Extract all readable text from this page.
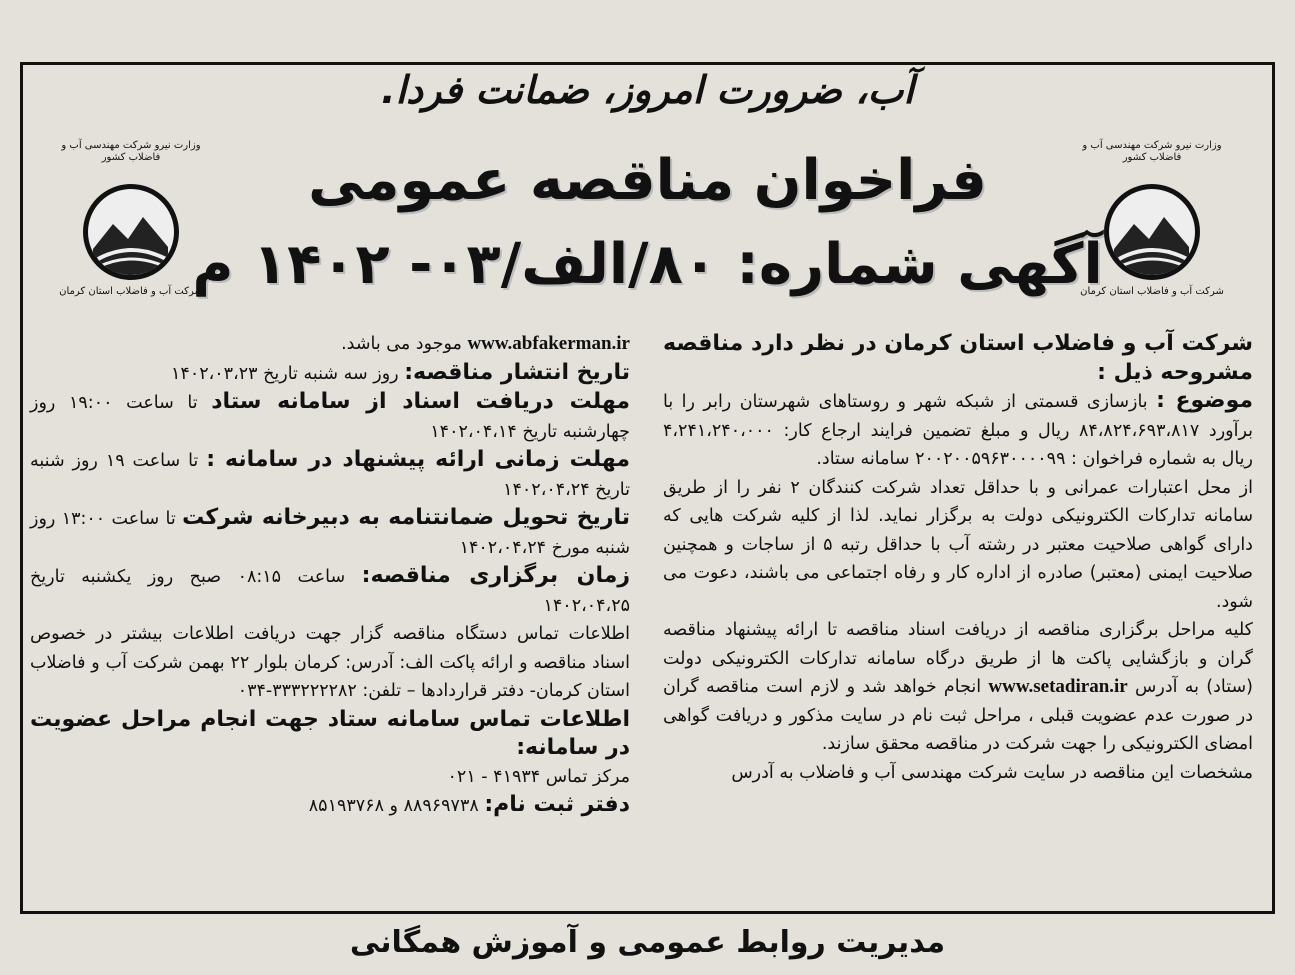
آب، ضرورت امروز، ضمانت فردا.
فراخوان مناقصه عمومی
آگهی شماره: ۸۰/الف/۰۳- ۱۴۰۲ م
وزارت نیرو شرکت مهندسی آب و فاضلاب کشور
شرکت آب و فاضلاب استان کرمان
وزارت نیرو شرکت مهندسی آب و فاضلاب کشور
شرکت آب و فاضلاب استان کرمان

شرکت آب و فاضلاب استان کرمان در نظر دارد مناقصه مشروحه ذیل :

موضوع : بازسازی قسمتی از شبکه شهر و روستاهای شهرستان رابر را با برآورد ۸۴،۸۲۴،۶۹۳،۸۱۷ ریال و مبلغ تضمین فرایند ارجاع کار: ۴،۲۴۱،۲۴۰،۰۰۰ ریال به شماره فراخوان : ۲۰۰۲۰۰۵۹۶۳۰۰۰۰۹۹ سامانه ستاد.

از محل اعتبارات عمرانی و با حداقل تعداد شرکت کنندگان ۲ نفر را از طریق سامانه تدارکات الکترونیکی دولت به برگزار نماید. لذا از کلیه شرکت هایی که دارای گواهی صلاحیت معتبر در رشته آب با حداقل رتبه ۵ از ساجات و همچنین صلاحیت ایمنی (معتبر) صادره از اداره کار و رفاه اجتماعی می باشند، دعوت می شود.

کلیه مراحل برگزاری مناقصه از دریافت اسناد مناقصه تا ارائه پیشنهاد مناقصه گران و بازگشایی پاکت ها از طریق درگاه سامانه تدارکات الکترونیکی دولت (ستاد) به آدرس www.setadiran.ir انجام خواهد شد و لازم است مناقصه گران در صورت عدم عضویت قبلی ، مراحل ثبت نام در سایت مذکور و دریافت گواهی امضای الکترونیکی را جهت شرکت در مناقصه محقق سازند.

مشخصات این مناقصه در سایت شرکت مهندسی آب و فاضلاب به آدرس

www.abfakerman.ir موجود می باشد.

تاریخ انتشار مناقصه: روز سه شنبه تاریخ ۱۴۰۲،۰۳،۲۳

مهلت دریافت اسناد از سامانه ستاد تا ساعت ۱۹:۰۰ روز چهارشنبه تاریخ ۱۴۰۲،۰۴،۱۴

مهلت زمانی ارائه پیشنهاد در سامانه : تا ساعت ۱۹ روز شنبه تاریخ ۱۴۰۲،۰۴،۲۴

تاریخ تحویل ضمانتنامه به دبیرخانه شرکت تا ساعت ۱۳:۰۰ روز شنبه مورخ ۱۴۰۲،۰۴،۲۴

زمان برگزاری مناقصه: ساعت ۰۸:۱۵ صبح روز یکشنبه تاریخ ۱۴۰۲،۰۴،۲۵

اطلاعات تماس دستگاه مناقصه گزار جهت دریافت اطلاعات بیشتر در خصوص اسناد مناقصه و ارائه پاکت الف: آدرس: کرمان بلوار ۲۲ بهمن شرکت آب و فاضلاب استان کرمان- دفتر قراردادها – تلفن: ۳۳۳۲۲۲۲۸۲-۰۳۴

اطلاعات تماس سامانه ستاد جهت انجام مراحل عضویت در سامانه:

مرکز تماس ۴۱۹۳۴ - ۰۲۱

دفتر ثبت نام: ۸۸۹۶۹۷۳۸ و ۸۵۱۹۳۷۶۸

مدیریت روابط عمومی و آموزش همگانی
